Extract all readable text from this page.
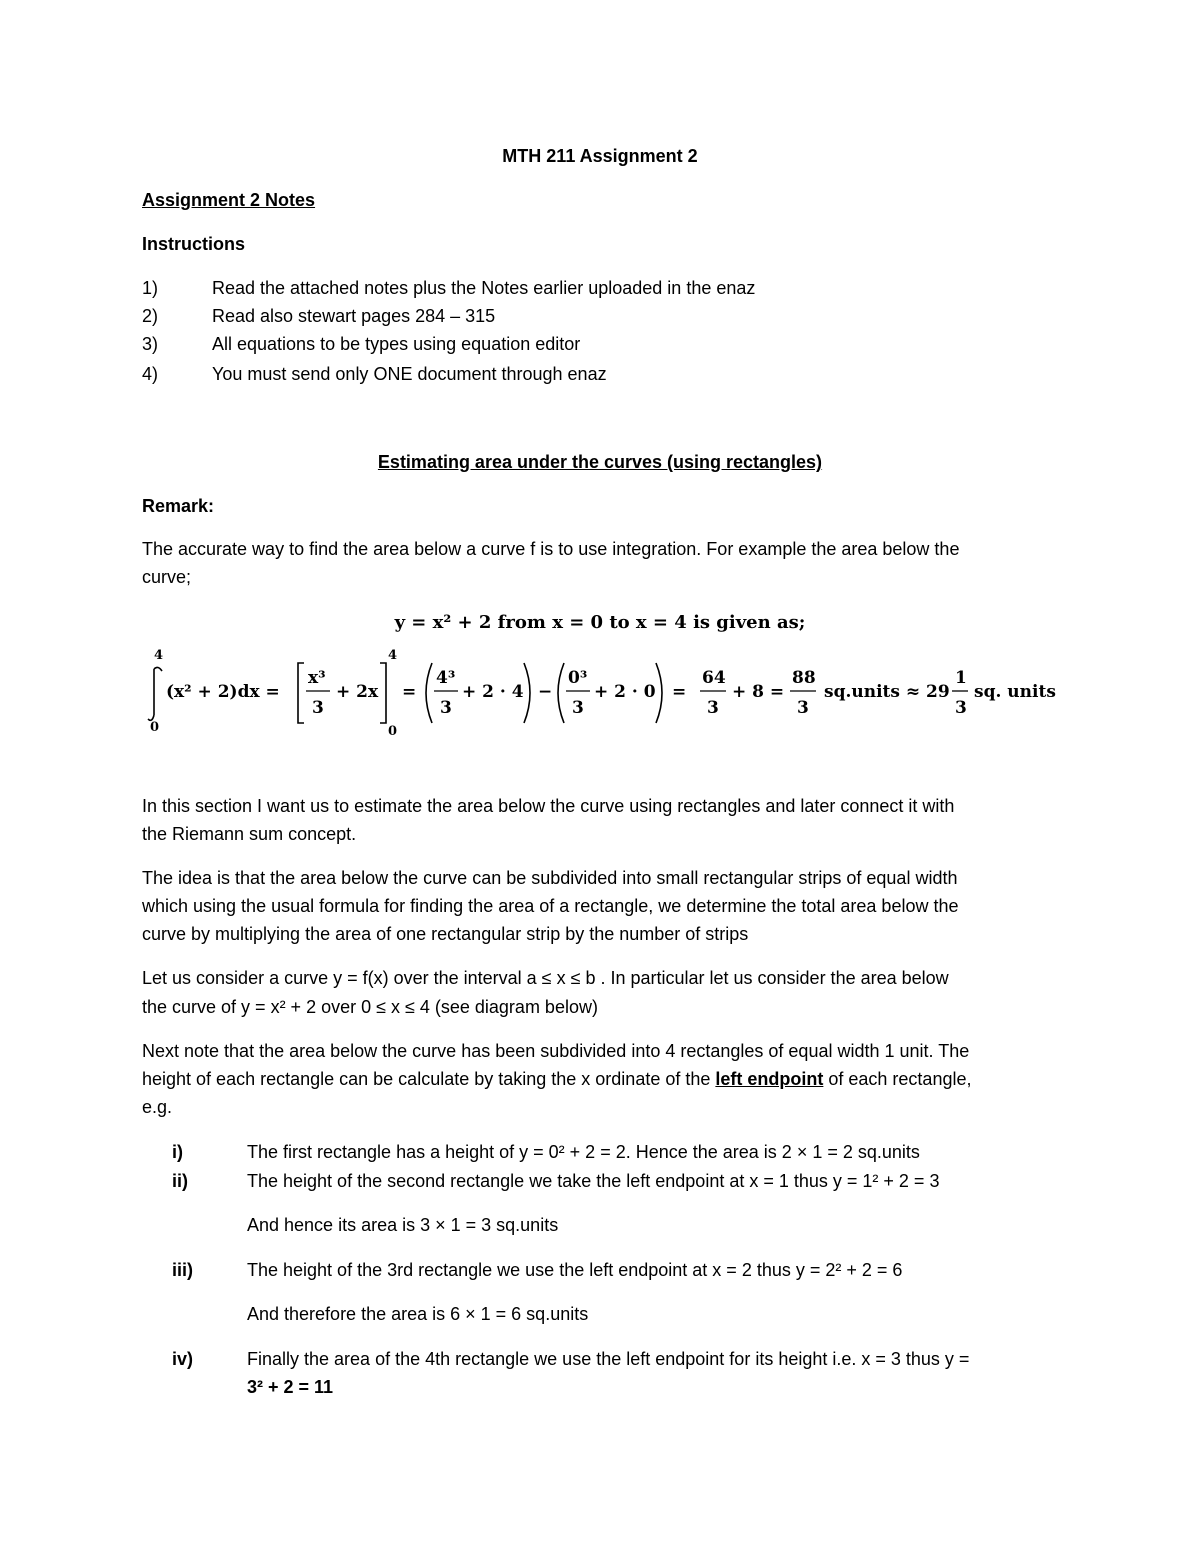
MTH 211 Assignment 2
Assignment 2 Notes
Instructions
1)	Read the attached notes plus the Notes earlier uploaded in the enaz
2)	Read also stewart pages 284 – 315
3)	All equations to be types using equation editor
4)	You must send only ONE document through enaz
Estimating area under the curves (using rectangles)
Remark:
The accurate way to find the area below a curve f is to use integration. For example the area below the
curve;
y = x² + 2 from x = 0 to x = 4 is given as;
4
0
(x² + 2)dx =
x³
3
+ 2x
4
0
=
4³
3
+ 2 · 4 −
0³
3
+ 2 · 0 =
64
3
+ 8 =
88
3
sq.units ≈ 29
1
3
sq. units
In this section I want us to estimate the area below the curve using rectangles and later connect it with
the Riemann sum concept.
The idea is that the area below the curve can be subdivided into small rectangular strips of equal width
which using the usual formula for finding the area of a rectangle, we determine the total area below the
curve by multiplying the area of one rectangular strip by the number of strips
Let us consider a curve y = f(x) over the interval a ≤ x ≤ b . In particular let us consider the area below
the curve of y = x² + 2 over 0 ≤ x ≤ 4 (see diagram below)
Next note that the area below the curve has been subdivided into 4 rectangles of equal width 1 unit. The
height of each rectangle can be calculate by taking the x ordinate of the left endpoint of each rectangle,
e.g.
i)	The first rectangle has a height of y = 0² + 2 = 2. Hence the area is 2 × 1 = 2 sq.units
ii)	The height of the second rectangle we take the left endpoint at x = 1 thus y = 1² + 2 = 3
And hence its area is 3 × 1 = 3 sq.units
iii)	The height of the 3rd rectangle we use the left endpoint at x = 2 thus y = 2² + 2 = 6
And therefore the area is 6 × 1 = 6 sq.units
iv)	Finally the area of the 4th rectangle we use the left endpoint for its height i.e. x = 3 thus y =
3² + 2 = 11
